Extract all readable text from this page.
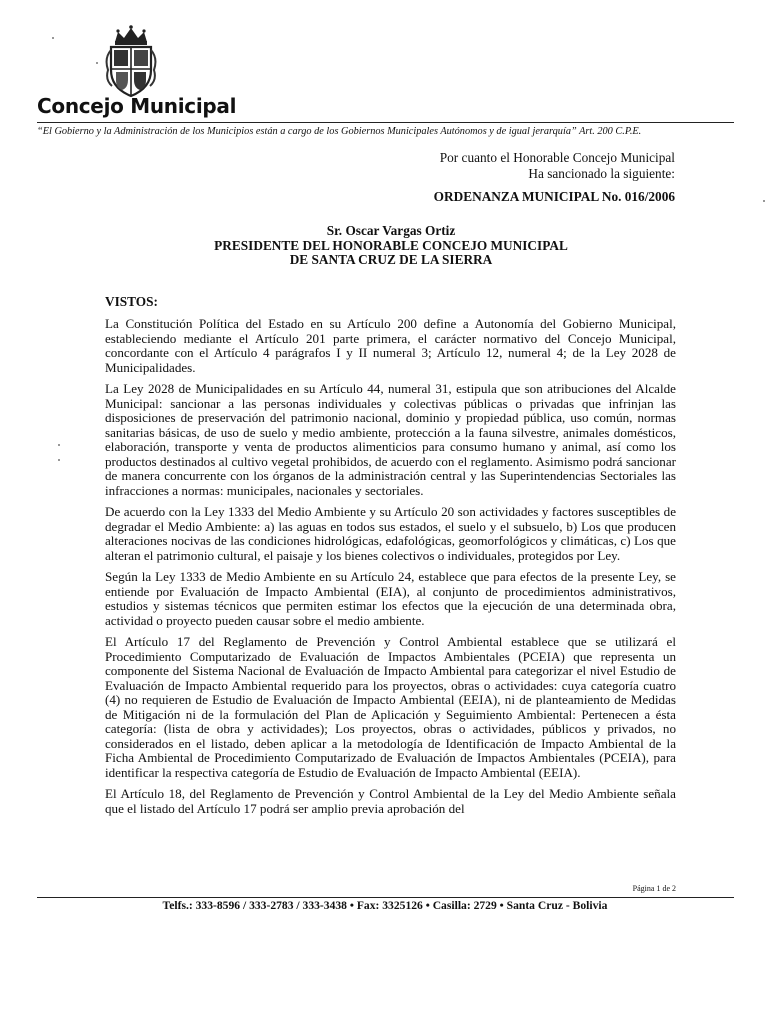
Concejo Municipal
“El Gobierno y la Administración de los Municipios están a cargo de los Gobiernos Municipales Autónomos y de igual jerarquía” Art. 200 C.P.E.
Por cuanto el Honorable Concejo Municipal
Ha sancionado la siguiente:
ORDENANZA MUNICIPAL No. 016/2006
Sr. Oscar Vargas Ortiz
PRESIDENTE DEL HONORABLE CONCEJO MUNICIPAL
DE SANTA CRUZ DE LA SIERRA
VISTOS:

La Constitución Política del Estado en su Artículo 200 define a Autonomía del Gobierno Municipal, estableciendo mediante el Artículo 201 parte primera, el carácter normativo del Concejo Municipal, concordante con el Artículo 4 parágrafos I y II numeral 3; Artículo 12, numeral 4; de la Ley 2028 de Municipalidades.

La Ley 2028 de Municipalidades en su Artículo 44, numeral 31, estipula que son atribuciones del Alcalde Municipal: sancionar a las personas individuales y colectivas públicas o privadas que infrinjan las disposiciones de preservación del patrimonio nacional, dominio y propiedad pública, uso común, normas sanitarias básicas, de uso de suelo y medio ambiente, protección a la fauna silvestre, animales domésticos, elaboración, transporte y venta de productos alimenticios para consumo humano y animal, así como los productos destinados al cultivo vegetal prohibidos, de acuerdo con el reglamento. Asimismo podrá sancionar de manera concurrente con los órganos de la administración central y las Superintendencias Sectoriales las infracciones a normas: municipales, nacionales y sectoriales.

De acuerdo con la Ley 1333 del Medio Ambiente y su Artículo 20 son actividades y factores susceptibles de degradar el Medio Ambiente: a) las aguas en todos sus estados, el suelo y el subsuelo, b) Los que producen alteraciones nocivas de las condiciones hidrológicas, edafológicas, geomorfológicos y climáticas, c) Los que alteran el patrimonio cultural, el paisaje y los bienes colectivos o individuales, protegidos por Ley.

Según la Ley 1333 de Medio Ambiente en su Artículo 24, establece que para efectos de la presente Ley, se entiende por Evaluación de Impacto Ambiental (EIA), al conjunto de procedimientos administrativos, estudios y sistemas técnicos que permiten estimar los efectos que la ejecución de una determinada obra, actividad o proyecto pueden causar sobre el medio ambiente.

El Artículo 17 del Reglamento de Prevención y Control Ambiental establece que se utilizará el Procedimiento Computarizado de Evaluación de Impactos Ambientales (PCEIA) que representa un componente del Sistema Nacional de Evaluación de Impacto Ambiental para categorizar el nivel Estudio de Evaluación de Impacto Ambiental requerido para los proyectos, obras o actividades: cuya categoría cuatro (4) no requieren de Estudio de Evaluación de Impacto Ambiental (EEIA), ni de planteamiento de Medidas de Mitigación ni de la formulación del Plan de Aplicación y Seguimiento Ambiental: Pertenecen a ésta categoría: (lista de obra y actividades); Los proyectos, obras o actividades, públicos y privados, no considerados en el listado, deben aplicar a la metodología de Identificación de Impacto Ambiental de la Ficha Ambiental de Procedimiento Computarizado de Evaluación de Impactos Ambientales (PCEIA), para identificar la respectiva categoría de Estudio de Evaluación de Impacto Ambiental (EEIA).

El Artículo 18, del Reglamento de Prevención y Control Ambiental de la Ley del Medio Ambiente señala que el listado del Artículo 17 podrá ser amplio previa aprobación del

Página 1 de 2
Telfs.: 333-8596 / 333-2783 / 333-3438 • Fax: 3325126 • Casilla: 2729 • Santa Cruz - Bolivia
